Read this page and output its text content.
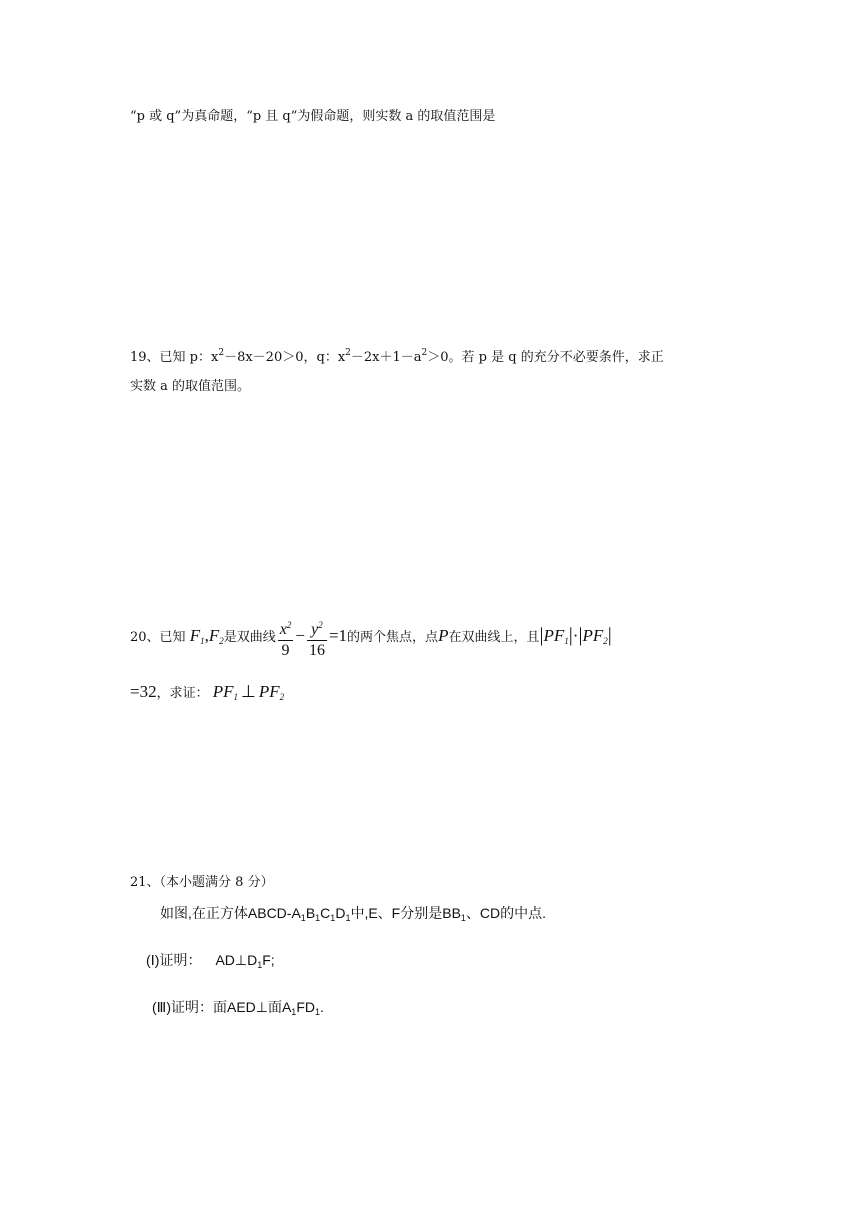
“p 或 q”为真命题，“p 且 q”为假命题，则实数 a 的取值范围是
19、已知 p：$x^2-8x-20>0$，q：$x^2-2x+1-a^2>0$。若 p 是 q 的充分不必要条件，求正
实数 a 的取值范围。
20、已知 $F_1,F_2$是双曲线 $\frac{x^2}{9} - \frac{y^2}{16} =1$的两个焦点，点P在双曲线上，且$|PF_1|\cdot|PF_2|$
=32，求证： $PF_1$ ⊥ $PF_2$
21、（本小题满分 8 分）
如图,在正方体ABCD-$A_1B_1C_1D_1$中,E、F分别是$BB_1$、CD的中点.
(Ⅰ)证明： $AD\perp D_1F$;
(Ⅲ)证明：面AED⊥面$A_1FD_1$.
